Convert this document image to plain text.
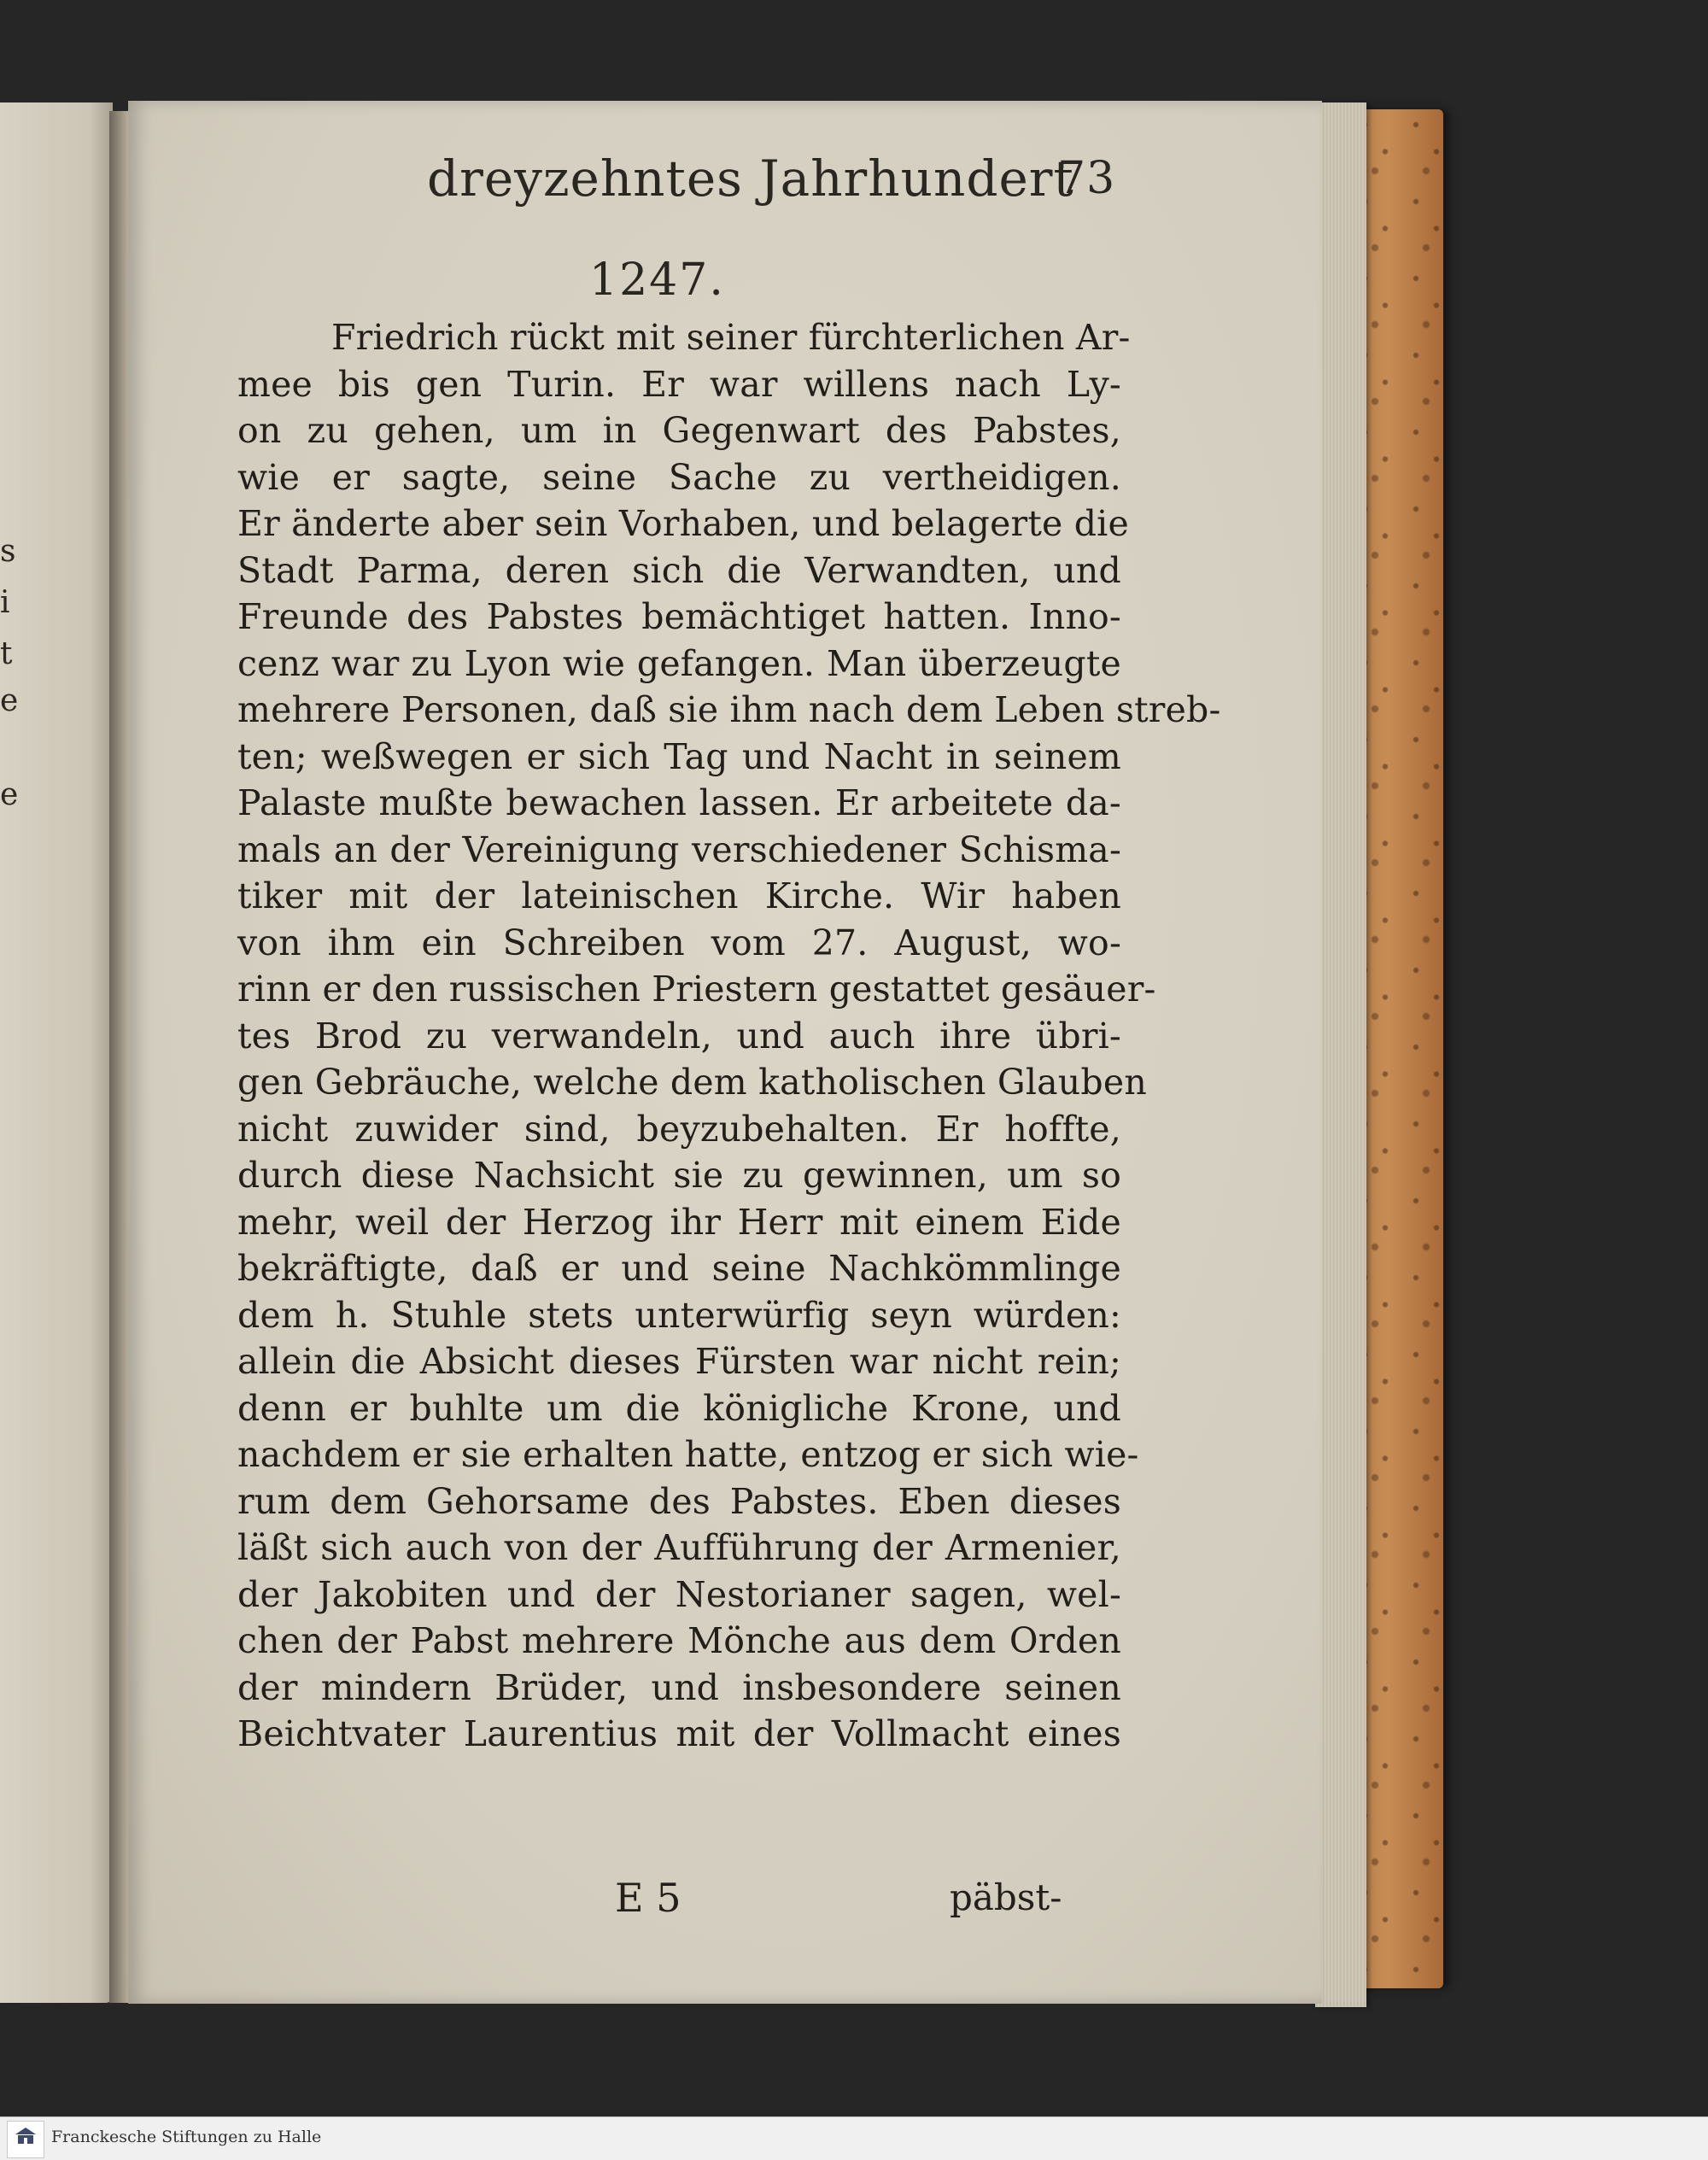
s
i
t
e
e
dreyzehntes Jahrhundert
73
1247.
Friedrich rückt mit seiner fürchterlichen Ar-
mee bis gen Turin. Er war willens nach Ly-
on zu gehen, um in Gegenwart des Pabstes,
wie er sagte, seine Sache zu vertheidigen.
Er änderte aber sein Vorhaben, und belagerte die
Stadt Parma, deren sich die Verwandten, und
Freunde des Pabstes bemächtiget hatten. Inno-
cenz war zu Lyon wie gefangen. Man überzeugte
mehrere Personen, daß sie ihm nach dem Leben streb-
ten; weßwegen er sich Tag und Nacht in seinem
Palaste mußte bewachen lassen. Er arbeitete da-
mals an der Vereinigung verschiedener Schisma-
tiker mit der lateinischen Kirche. Wir haben
von ihm ein Schreiben vom 27. August, wo-
rinn er den russischen Priestern gestattet gesäuer-
tes Brod zu verwandeln, und auch ihre übri-
gen Gebräuche, welche dem katholischen Glauben
nicht zuwider sind, beyzubehalten. Er hoffte,
durch diese Nachsicht sie zu gewinnen, um so
mehr, weil der Herzog ihr Herr mit einem Eide
bekräftigte, daß er und seine Nachkömmlinge
dem h. Stuhle stets unterwürfig seyn würden:
allein die Absicht dieses Fürsten war nicht rein;
denn er buhlte um die königliche Krone, und
nachdem er sie erhalten hatte, entzog er sich wie-
rum dem Gehorsame des Pabstes. Eben dieses
läßt sich auch von der Aufführung der Armenier,
der Jakobiten und der Nestorianer sagen, wel-
chen der Pabst mehrere Mönche aus dem Orden
der mindern Brüder, und insbesondere seinen
Beichtvater Laurentius mit der Vollmacht eines
E 5	päbst-
Franckesche Stiftungen zu Halle
